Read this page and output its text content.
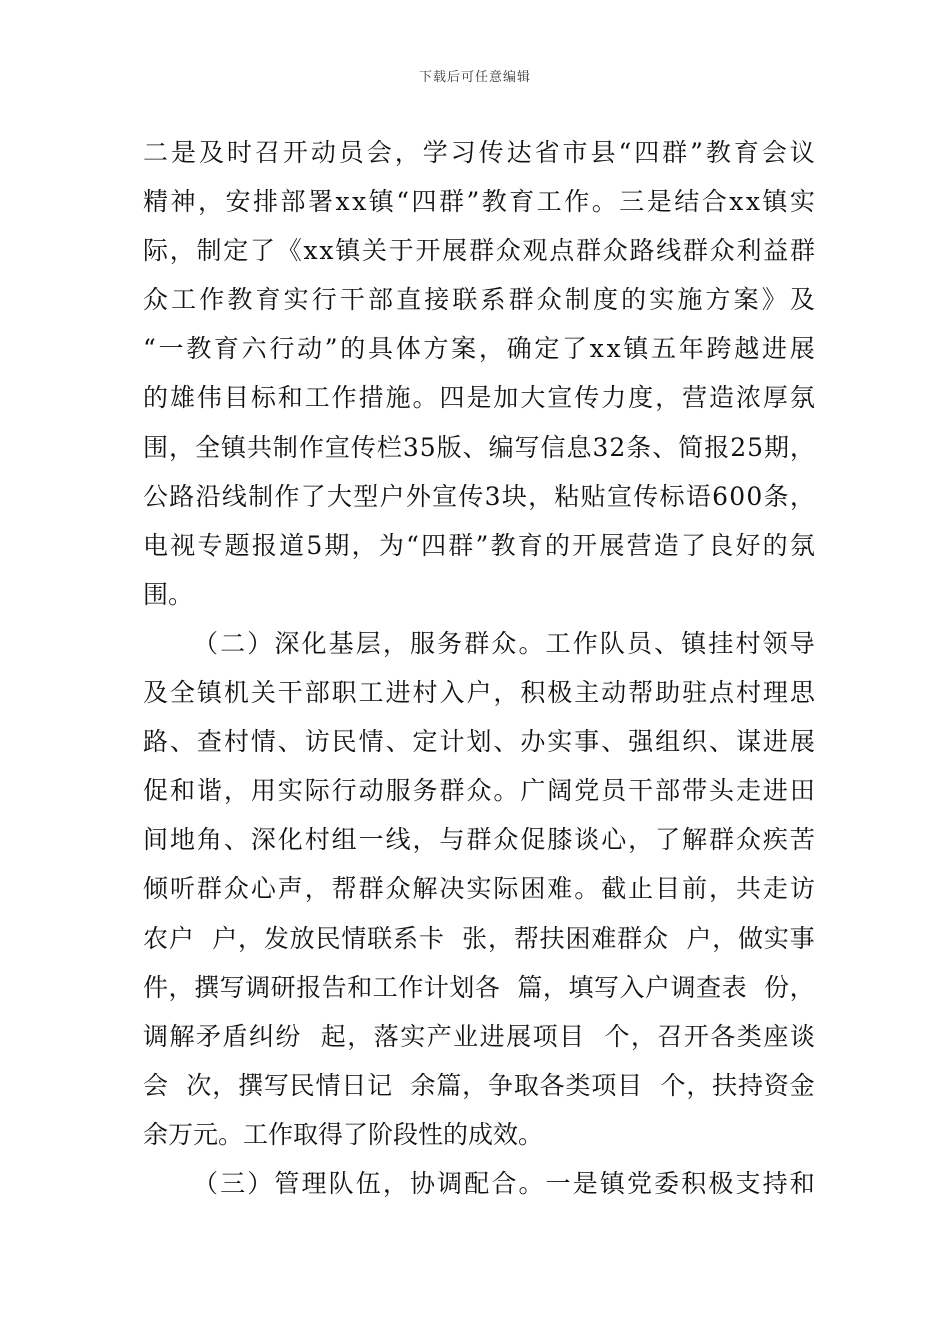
下载后可任意编辑
二 是 及 时 召 开 动 员 会 ， 学 习 传 达 省 市 县 “ 四 群 ” 教 育 会 议
精 神 ， 安 排 部 署 x x 镇 “ 四 群 ” 教 育 工 作 。 三 是 结 合 x x 镇 实
际 ， 制 定 了 《 x x 镇 关 于 开 展 群 众 观 点 群 众 路 线 群 众 利 益 群
众 工 作 教 育 实 行 干 部 直 接 联 系 群 众 制 度 的 实 施 方 案 》 及
“ 一 教 育 六 行 动 ” 的 具 体 方 案 ， 确 定 了 x x 镇 五 年 跨 越 进 展
的 雄 伟 目 标 和 工 作 措 施 。 四 是 加 大 宣 传 力 度 ， 营 造 浓 厚 氛
围 ， 全 镇 共 制 作 宣 传 栏 3 5 版 、 编 写 信 息 3 2 条 、 简 报 2 5 期 ，
公 路 沿 线 制 作 了 大 型 户 外 宣 传 3 块 ， 粘 贴 宣 传 标 语 6 0 0 条 ，
电 视 专 题 报 道 5 期 ， 为 “ 四 群 ” 教 育 的 开 展 营 造 了 良 好 的 氛
围。
（ 二 ） 深 化 基 层 ， 服 务 群 众 。 工 作 队 员 、 镇 挂 村 领 导
及 全 镇 机 关 干 部 职 工 进 村 入 户 ， 积 极 主 动 帮 助 驻 点 村 理 思
路 、 查 村 情 、 访 民 情 、 定 计 划 、 办 实 事 、 强 组 织 、 谋 进 展
促 和 谐 ， 用 实 际 行 动 服 务 群 众 。 广 阔 党 员 干 部 带 头 走 进 田
间 地 角 、 深 化 村 组 一 线 ， 与 群 众 促 膝 谈 心 ， 了 解 群 众 疾 苦
倾 听 群 众 心 声 ， 帮 群 众 解 决 实 际 困 难 。 截 止 目 前 ， 共 走 访
农 户

户 ， 发 放 民 情 联 系 卡

张 ， 帮 扶 困 难 群 众

户 ， 做 实 事
件 ， 撰 写 调 研 报 告 和 工 作 计 划 各

篇 ， 填 写 入 户 调 查 表

份 ，
调 解 矛 盾 纠 纷

起 ， 落 实 产 业 进 展 项 目

个 ， 召 开 各 类 座 谈
会

次 ， 撰 写 民 情 日 记

余 篇 ， 争 取 各 类 项 目

个 ， 扶 持 资 金
余万元。工作取得了阶段性的成效。
（ 三 ） 管 理 队 伍 ， 协 调 配 合 。 一 是 镇 党 委 积 极 支 持 和
